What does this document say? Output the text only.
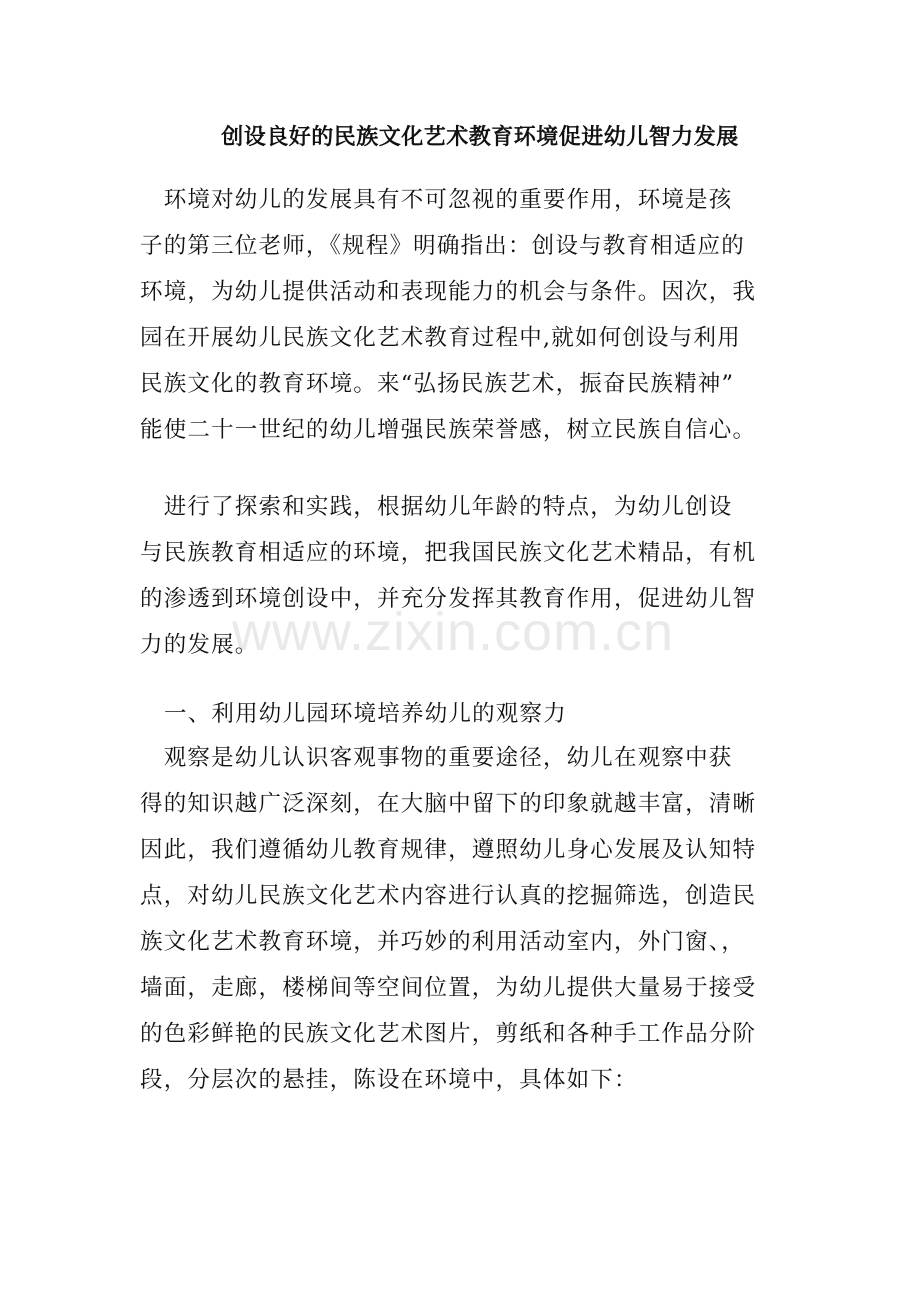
创设良好的民族文化艺术教育环境促进幼儿智力发展
　环境对幼儿的发展具有不可忽视的重要作用，环境是孩
子的第三位老师，《规程》明确指出：创设与教育相适应的
环境，为幼儿提供活动和表现能力的机会与条件。因次，我
园在开展幼儿民族文化艺术教育过程中,就如何创设与利用
民族文化的教育环境。来“弘扬民族艺术，振奋民族精神”
能使二十一世纪的幼儿增强民族荣誉感，树立民族自信心。
　进行了探索和实践，根据幼儿年龄的特点，为幼儿创设
与民族教育相适应的环境，把我国民族文化艺术精品，有机
的渗透到环境创设中，并充分发挥其教育作用，促进幼儿智
力的发展。
一、利用幼儿园环境培养幼儿的观察力
　观察是幼儿认识客观事物的重要途径，幼儿在观察中获
得的知识越广泛深刻，在大脑中留下的印象就越丰富，清晰
因此，我们遵循幼儿教育规律，遵照幼儿身心发展及认知特
点，对幼儿民族文化艺术内容进行认真的挖掘筛选，创造民
族文化艺术教育环境，并巧妙的利用活动室内，外门窗、，
墙面，走廊，楼梯间等空间位置，为幼儿提供大量易于接受
的色彩鲜艳的民族文化艺术图片，剪纸和各种手工作品分阶
段，分层次的悬挂，陈设在环境中，具体如下：
www.zixin.com.cn
